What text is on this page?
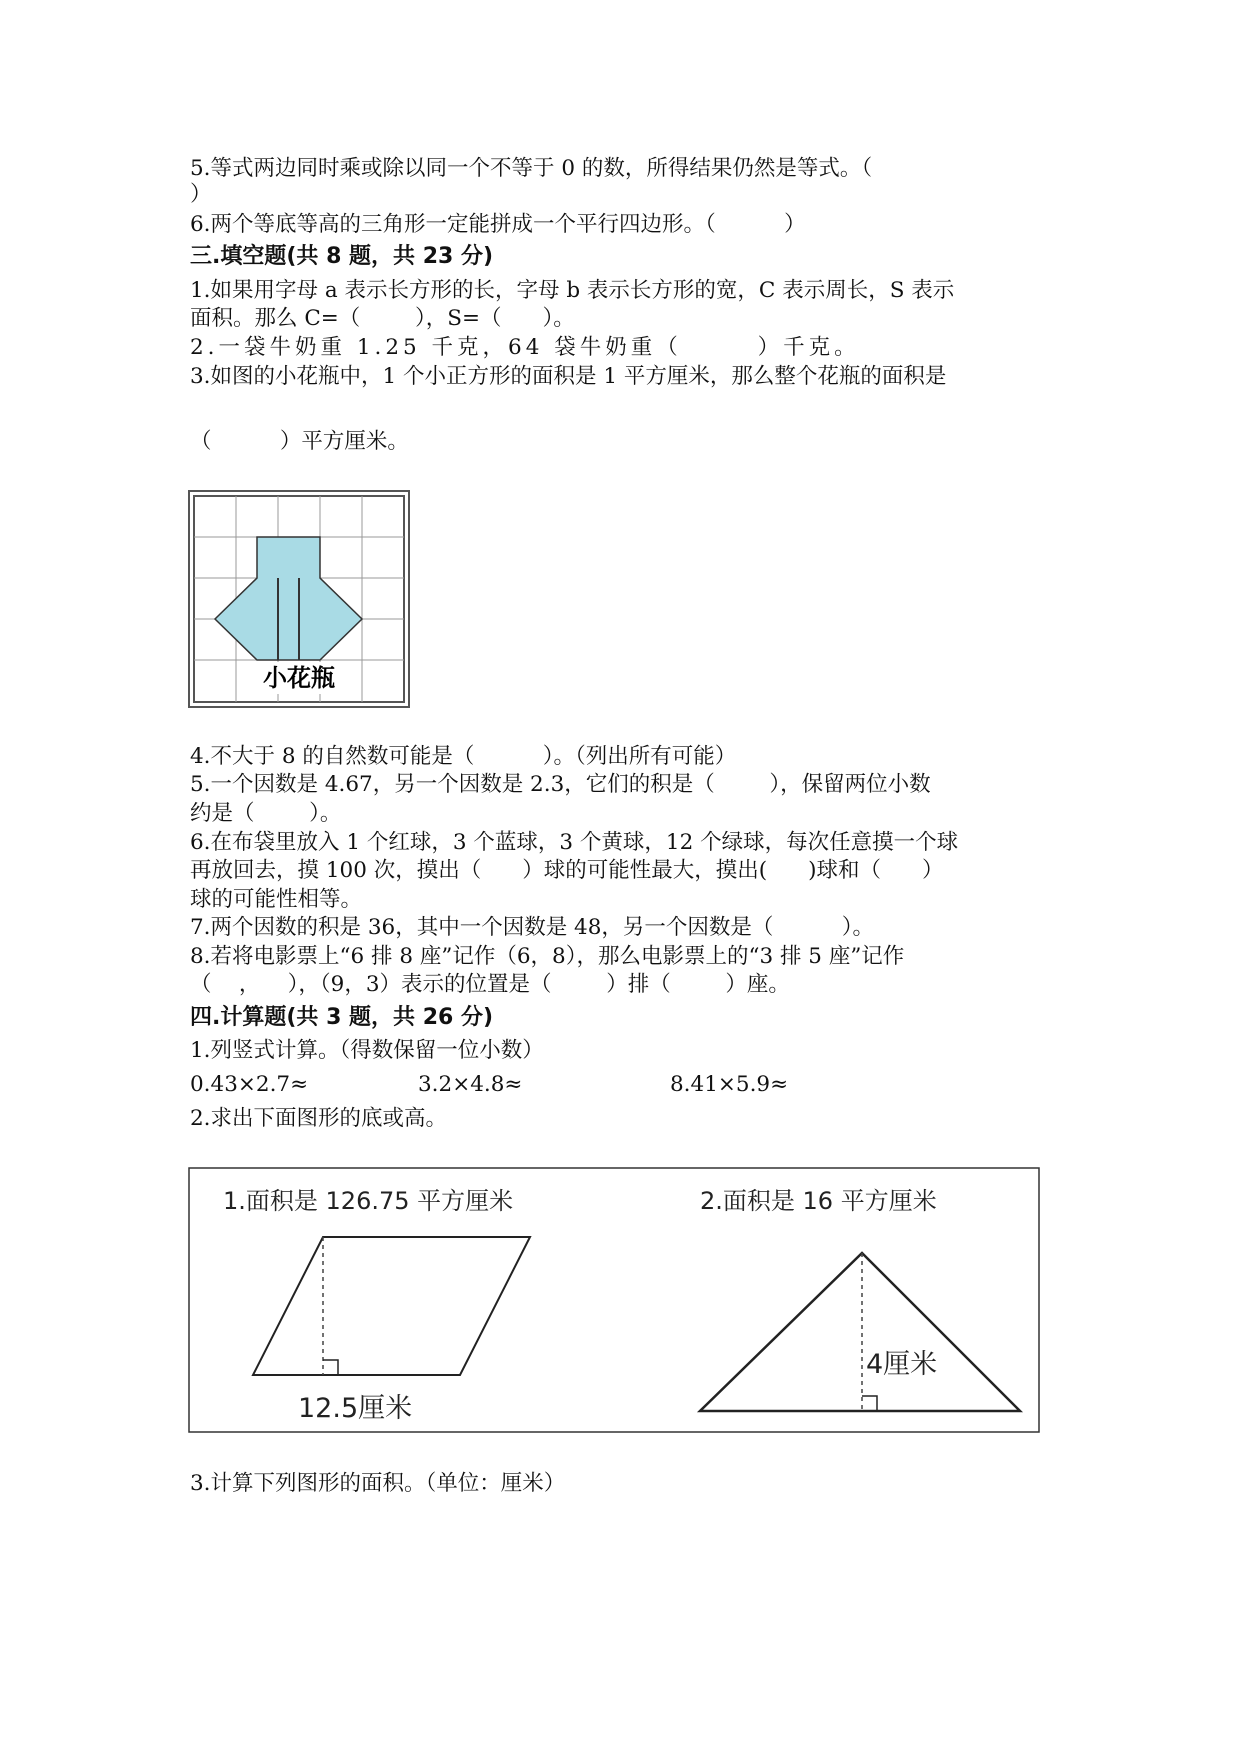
5.等式两边同时乘或除以同一个不等于 0 的数，所得结果仍然是等式。（
）
6.两个等底等高的三角形一定能拼成一个平行四边形。（          ）
三.填空题(共 8 题，共 23 分)
1.如果用字母 a 表示长方形的长，字母 b 表示长方形的宽，C 表示周长，S 表示
面积。那么 C=（        ），S=（      ）。
2.一袋牛奶重 1.25 千克，64 袋牛奶重（       ）千克。
3.如图的小花瓶中，1 个小正方形的面积是 1 平方厘米，那么整个花瓶的面积是
（          ）平方厘米。
小花瓶
4.不大于 8 的自然数可能是（          ）。（列出所有可能）
5.一个因数是 4.67，另一个因数是 2.3，它们的积是（        ），保留两位小数
约是（        ）。
6.在布袋里放入 1 个红球，3 个蓝球，3 个黄球，12 个绿球，每次任意摸一个球
再放回去，摸 100 次，摸出（      ）球的可能性最大，摸出(      )球和（      ）
球的可能性相等。
7.两个因数的积是 36，其中一个因数是 48，另一个因数是（          ）。
8.若将电影票上“6 排 8 座”记作（6，8），那么电影票上的“3 排 5 座”记作
（    ，    ），（9，3）表示的位置是（        ）排（        ）座。
四.计算题(共 3 题，共 26 分)
1.列竖式计算。（得数保留一位小数）
0.43×2.7≈	3.2×4.8≈	8.41×5.9≈
2.求出下面图形的底或高。
1.面积是 126.75 平方厘米
12.5厘米
2.面积是 16 平方厘米
4厘米
3.计算下列图形的面积。（单位：厘米）
